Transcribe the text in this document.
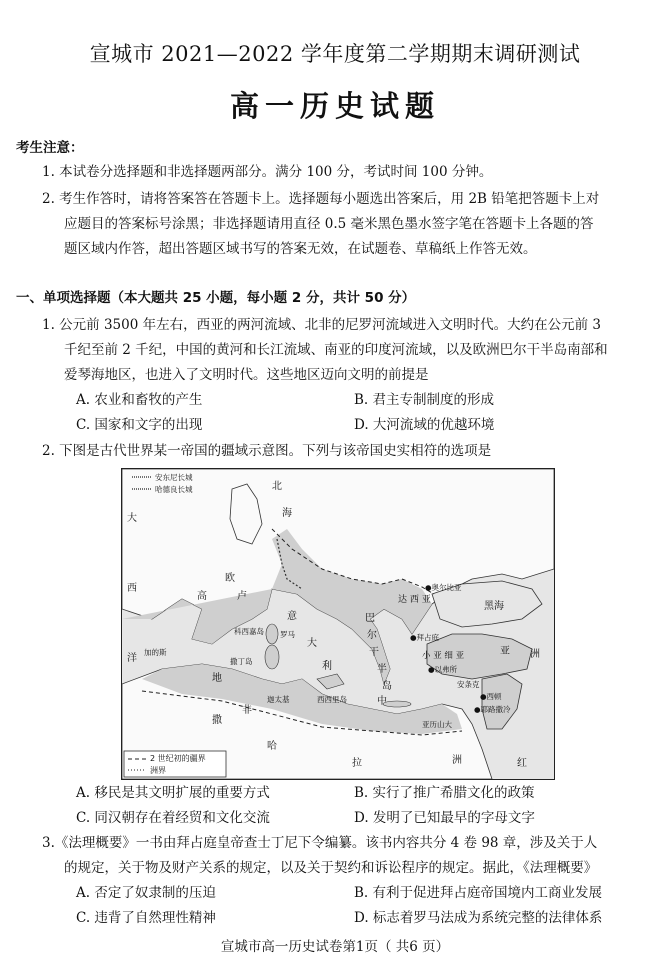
宣城市 2021—2022 学年度第二学期期末调研测试
高一历史试题
考生注意：
1. 本试卷分选择题和非选择题两部分。满分 100 分，考试时间 100 分钟。
2. 考生作答时，请将答案答在答题卡上。选择题每小题选出答案后，用 2B 铅笔把答题卡上对
应题目的答案标号涂黑；非选择题请用直径 0.5 毫米黑色墨水签字笔在答题卡上各题的答
题区域内作答，超出答题区域书写的答案无效，在试题卷、草稿纸上作答无效。
一、单项选择题（本大题共 25 小题，每小题 2 分，共计 50 分）
1. 公元前 3500 年左右，西亚的两河流域、北非的尼罗河流域进入文明时代。大约在公元前 3
千纪至前 2 千纪，中国的黄河和长江流域、南亚的印度河流域，以及欧洲巴尔干半岛南部和
爱琴海地区，也进入了文明时代。这些地区迈向文明的前提是
A. 农业和畜牧的产生	B. 君主专制制度的形成
C. 国家和文字的出现	D. 大河流域的优越环境
2. 下图是古代世界某一帝国的疆域示意图。下列与该帝国史实相符的选项是
安东尼长城
哈德良长城
大
西
洋
北
海
欧
高	卢
意
大
利
科西嘉岛 罗马
撒丁岛
加的斯
迦太基	西西里岛
非
地
中
撒
哈
拉	洲	红
巴
尔
干
半
岛
达 西 亚
●奥尔比亚
黑海
●拜占庭
小 亚 细 亚
●以弗所
亚 洲
安条克
●西顿
●耶路撒冷
亚历山大
2 世纪初的疆界
洲界
A. 移民是其文明扩展的重要方式	B. 实行了推广希腊文化的政策
C. 同汉朝存在着经贸和文化交流	D. 发明了已知最早的字母文字
3.《法理概要》一书由拜占庭皇帝查士丁尼下令编纂。该书内容共分 4 卷 98 章，涉及关于人
的规定，关于物及财产关系的规定，以及关于契约和诉讼程序的规定。据此，《法理概要》
A. 否定了奴隶制的压迫	B. 有利于促进拜占庭帝国境内工商业发展
C. 违背了自然理性精神	D. 标志着罗马法成为系统完整的法律体系
宣城市高一历史试卷第1页（ 共6 页）
